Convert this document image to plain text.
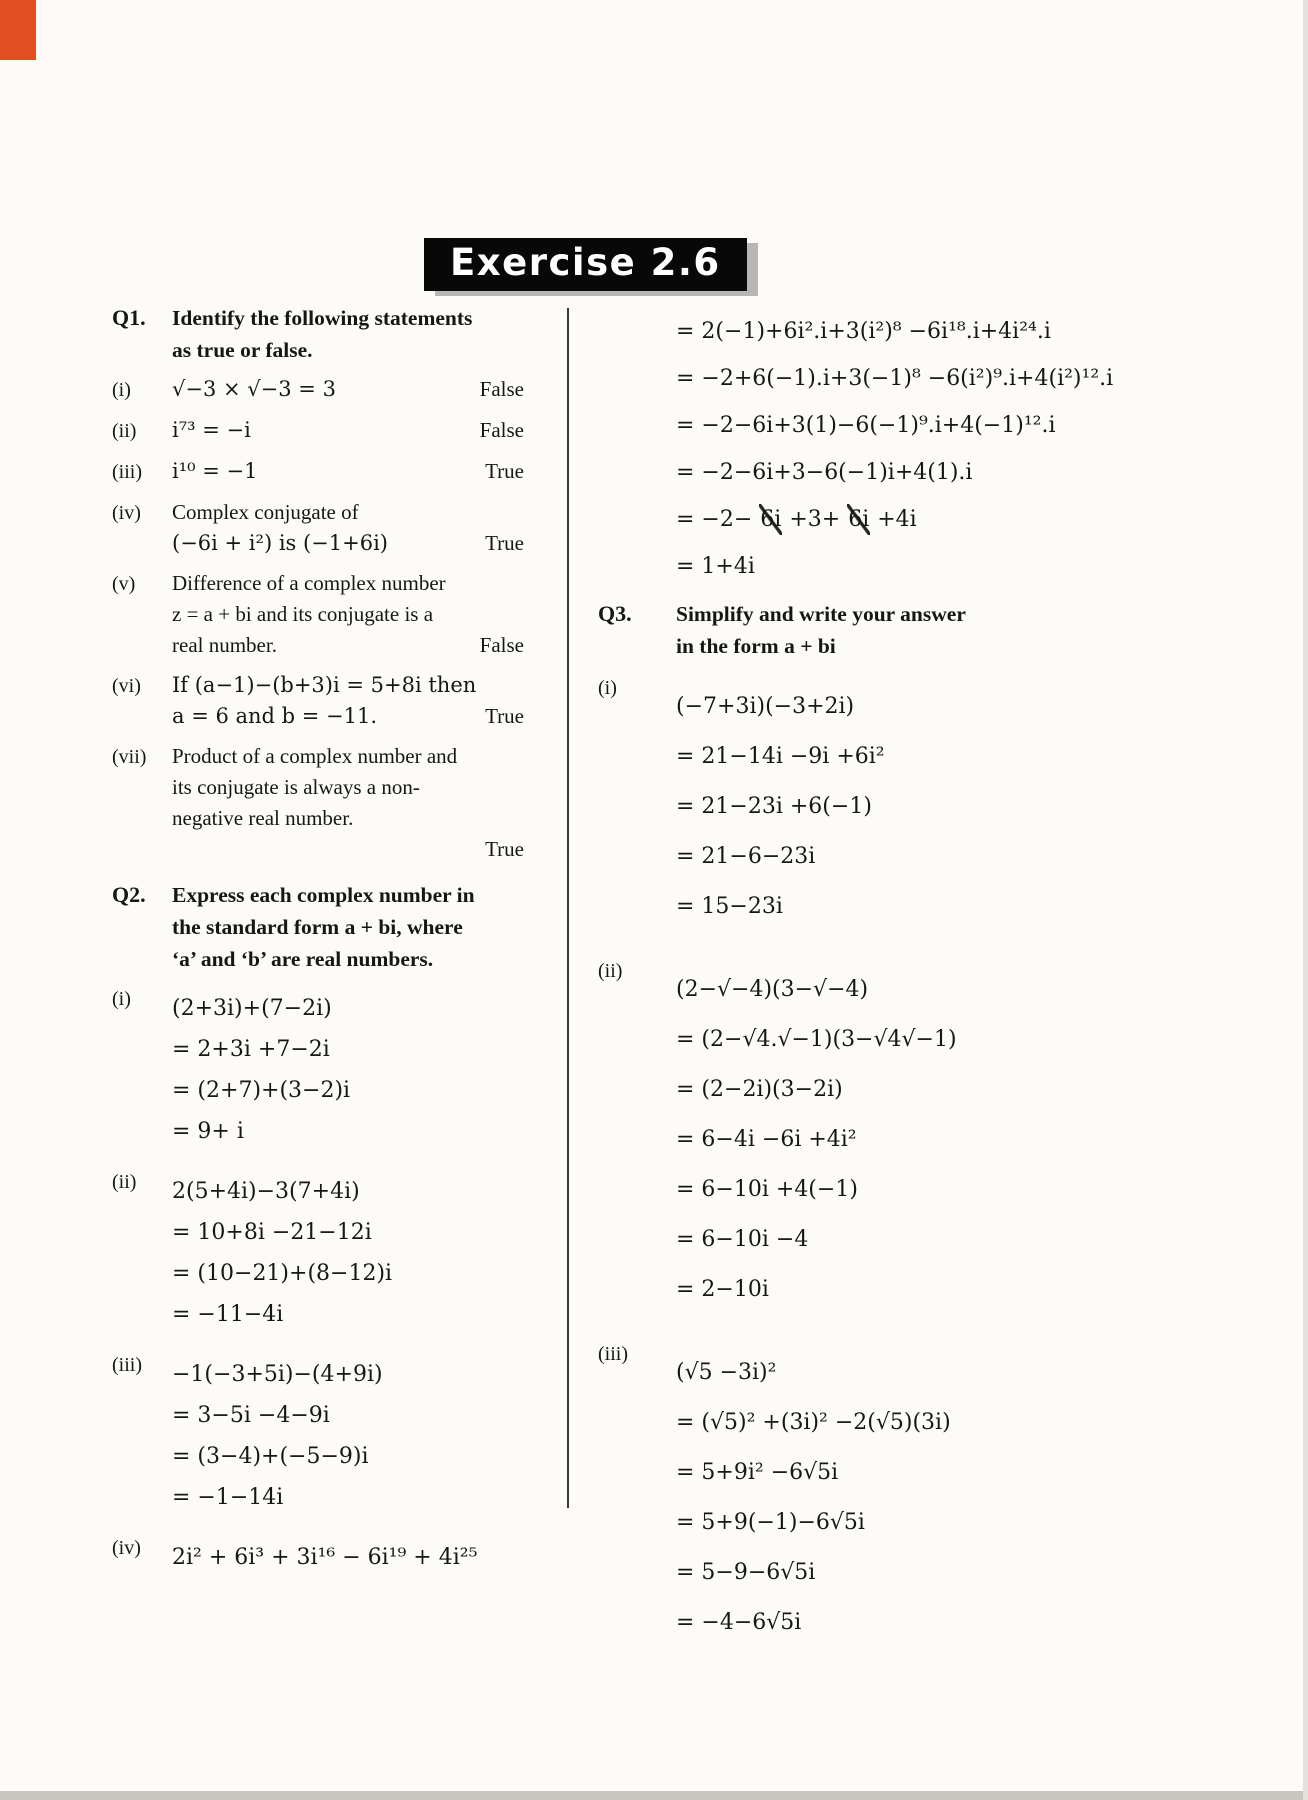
Exercise 2.6
Q1.	Identify the following statements
as true or false.
(i)	√−3 × √−3 = 3	False
(ii)	i⁷³ = −i	False
(iii)	i¹⁰ = −1	True
(iv)	Complex conjugate of
(−6i + i²) is (−1+6i)	True
(v)	Difference of a complex number
z = a + bi and its conjugate is a
real number.	False
(vi)	If (a−1)−(b+3)i = 5+8i then
a = 6 and b = −11.	True
(vii)	Product of a complex number and
its conjugate is always a non-
negative real number.
True
Q2.	Express each complex number in
the standard form a + bi, where
‘a’ and ‘b’ are real numbers.
(i)	(2+3i)+(7−2i)
= 2+3i +7−2i
= (2+7)+(3−2)i
= 9+ i
(ii)	2(5+4i)−3(7+4i)
= 10+8i −21−12i
= (10−21)+(8−12)i
= −11−4i
(iii)	−1(−3+5i)−(4+9i)
= 3−5i −4−9i
= (3−4)+(−5−9)i
= −1−14i
(iv)	2i² + 6i³ + 3i¹⁶ − 6i¹⁹ + 4i²⁵
= 2(−1)+6i².i+3(i²)⁸ −6i¹⁸.i+4i²⁴.i
= −2+6(−1).i+3(−1)⁸ −6(i²)⁹.i+4(i²)¹².i
= −2−6i+3(1)−6(−1)⁹.i+4(−1)¹².i
= −2−6i+3−6(−1)i+4(1).i
= −2− 6i +3+ 6i +4i
= 1+4i
Q3.	Simplify and write your answer
in the form a + bi
(i)
(−7+3i)(−3+2i)
= 21−14i −9i +6i²
= 21−23i +6(−1)
= 21−6−23i
= 15−23i
(ii)
(2−√−4)(3−√−4)
= (2−√4.√−1)(3−√4√−1)
= (2−2i)(3−2i)
= 6−4i −6i +4i²
= 6−10i +4(−1)
= 6−10i −4
= 2−10i
(iii)
(√5 −3i)²
= (√5)² +(3i)² −2(√5)(3i)
= 5+9i² −6√5i
= 5+9(−1)−6√5i
= 5−9−6√5i
= −4−6√5i
